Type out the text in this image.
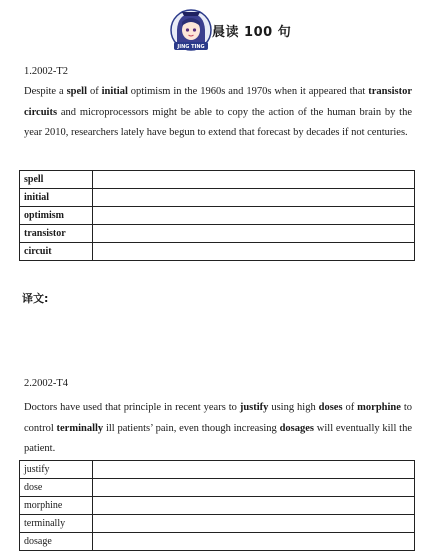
JING TING
晨读 100 句
1.2002-T2
Despite a spell of initial optimism in the 1960s and 1970s when it appeared that transistor circuits and microprocessors might be able to copy the action of the human brain by the year 2010, researchers lately have begun to extend that forecast by decades if not centuries.
spell	
initial	
optimism	
transistor	
circuit	
译文:
2.2002-T4
Doctors have used that principle in recent years to justify using high doses of morphine to control terminally ill patients’ pain, even though increasing dosages will eventually kill the patient.
justify	
dose	
morphine	
terminally	
dosage	
